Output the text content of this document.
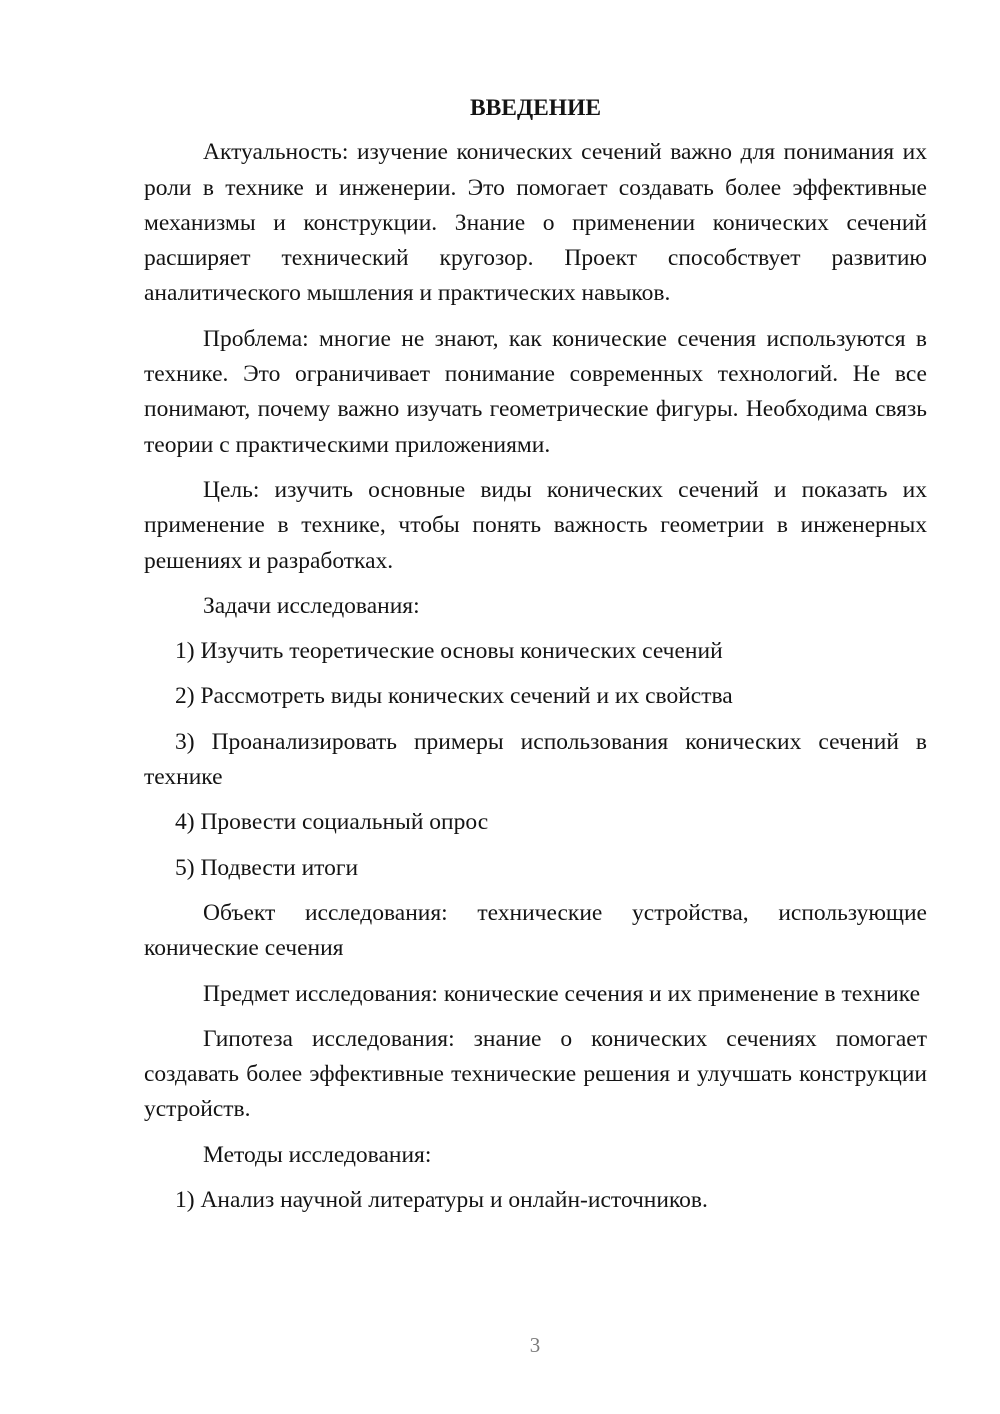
ВВЕДЕНИЕ
Актуальность: изучение конических сечений важно для понимания их роли в технике и инженерии. Это помогает создавать более эффективные механизмы и конструкции. Знание о применении конических сечений расширяет технический кругозор. Проект способствует развитию аналитического мышления и практических навыков.
Проблема: многие не знают, как конические сечения используются в технике. Это ограничивает понимание современных технологий. Не все понимают, почему важно изучать геометрические фигуры. Необходима связь теории с практическими приложениями.
Цель: изучить основные виды конических сечений и показать их применение в технике, чтобы понять важность геометрии в инженерных решениях и разработках.
Задачи исследования:
1) Изучить теоретические основы конических сечений
2) Рассмотреть виды конических сечений и их свойства
3) Проанализировать примеры использования конических сечений в технике
4) Провести социальный опрос
5) Подвести итоги
Объект исследования: технические устройства, использующие конические сечения
Предмет исследования: конические сечения и их применение в технике
Гипотеза исследования: знание о конических сечениях помогает создавать более эффективные технические решения и улучшать конструкции устройств.
Методы исследования:
1) Анализ научной литературы и онлайн-источников.
3
